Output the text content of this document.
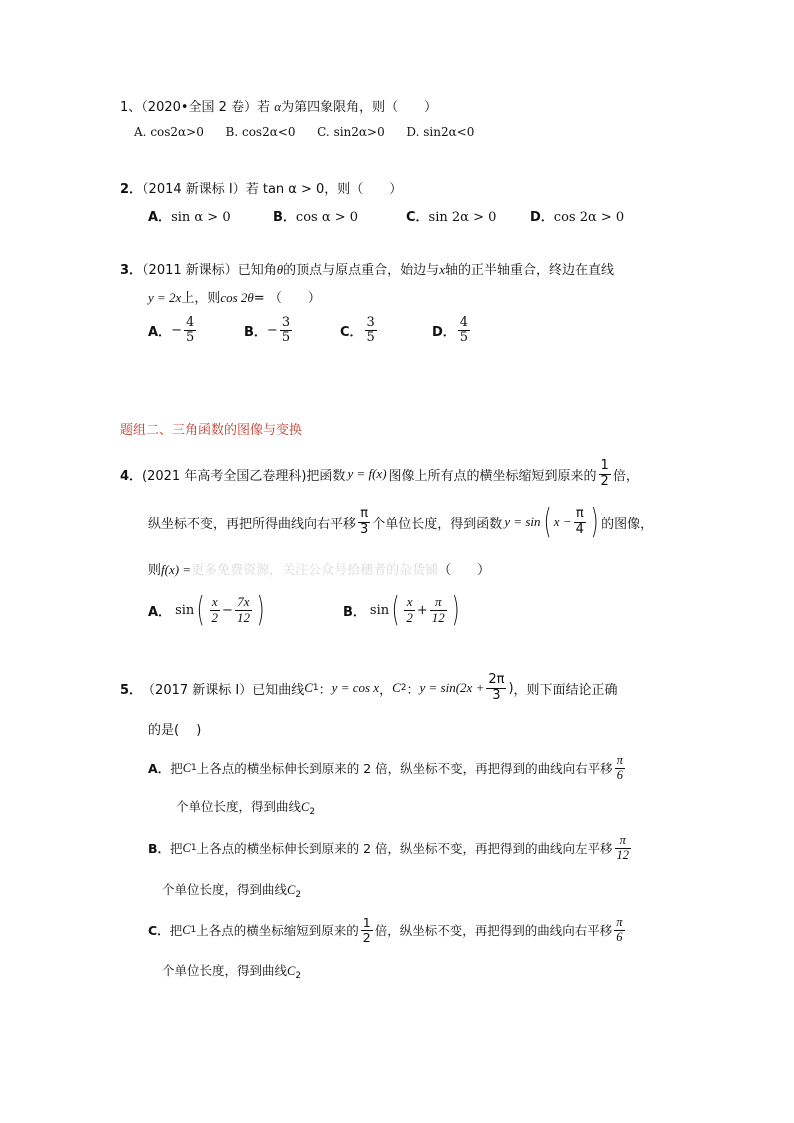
1、（2020•全国 2 卷）若 α为第四象限角，则（　　）
A. cos2α>0 B. cos2α<0 C. sin2α>0 D. sin2α<0
2．（2014 新课标 I）若 tan α > 0，则（　　）
A．sin α > 0	B．cos α > 0	C．sin 2α > 0	D．cos 2α > 0
3．（2011 新课标）已知角θ的顶点与原点重合，始边与x轴的正半轴重合，终边在直线
y = 2x上，则cos 2θ= （　　）
A． − $\frac{4}{5}$	B． − $\frac{3}{5}$	C． $\frac{3}{5}$	D． $\frac{4}{5}$
题组二、三角函数的图像与变换
4． (2021 年高考全国乙卷理科) 把函数 y = f(x) 图像上所有点的横坐标缩短到原来的 $\frac{1}{2}$ 倍，
纵坐标不变，再把所得曲线向右平移 $\frac{\pi}{3}$ 个单位长度，得到函数 y = sin ( $x - \frac{\pi}{4}$ ) 的图像，
则f(x) =更多免费资源，关注公众号拾穗者的杂货铺（　　）
A． sin ( $\frac{x}{2} - \frac{7x}{12}$ )	B． sin ( $\frac{x}{2} + \frac{\pi}{12}$ )
5． （2017 新课标 I） 已知曲线 C 1 ： y = cos x ， C 2 ： $y = \sin(2x + \frac{2\pi}{3}$ ) ，则下面结论正确
的是(　 )
A． 把 C 1 上各点的横坐标伸长到原来的 2 倍，纵坐标不变，再把得到的曲线向右平移 $\frac{\pi}{6}$
个单位长度，得到曲线$C_2$
B． 把 C 1 上各点的横坐标伸长到原来的 2 倍，纵坐标不变，再把得到的曲线向左平移 $\frac{\pi}{12}$
个单位长度，得到曲线$C_2$
C． 把 C 1 上各点的横坐标缩短到原来的 $\frac{1}{2}$ 倍，纵坐标不变，再把得到的曲线向右平移 $\frac{\pi}{6}$
个单位长度，得到曲线$C_2$
